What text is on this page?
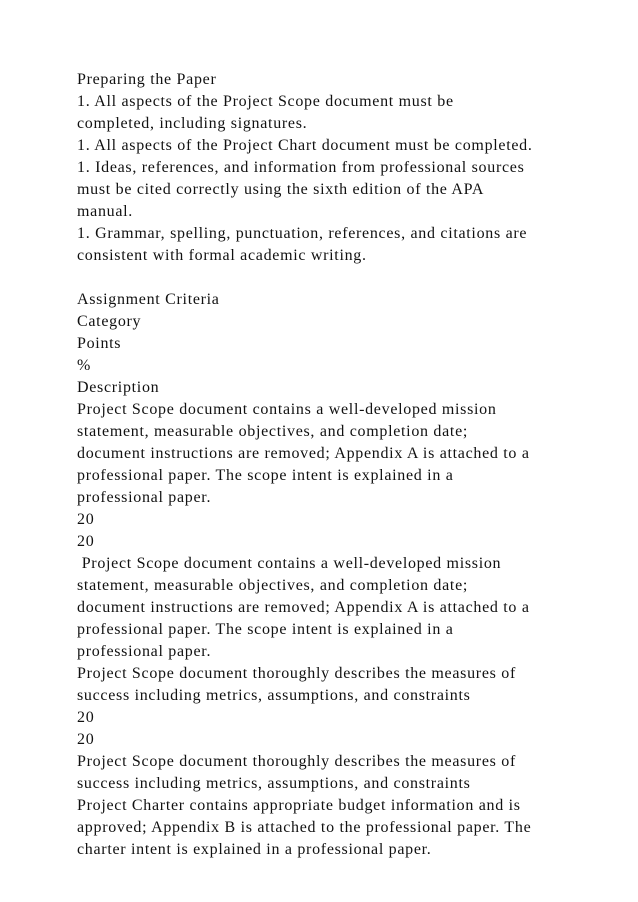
Preparing the Paper
1. All aspects of the Project Scope document must be
completed, including signatures.
1. All aspects of the Project Chart document must be completed.
1. Ideas, references, and information from professional sources
must be cited correctly using the sixth edition of the APA
manual.
1. Grammar, spelling, punctuation, references, and citations are
consistent with formal academic writing.
Assignment Criteria
Category
Points
%
Description
Project Scope document contains a well-developed mission
statement, measurable objectives, and completion date;
document instructions are removed; Appendix A is attached to a
professional paper. The scope intent is explained in a
professional paper.
20
20
Project Scope document contains a well-developed mission
statement, measurable objectives, and completion date;
document instructions are removed; Appendix A is attached to a
professional paper. The scope intent is explained in a
professional paper.
Project Scope document thoroughly describes the measures of
success including metrics, assumptions, and constraints
20
20
Project Scope document thoroughly describes the measures of
success including metrics, assumptions, and constraints
Project Charter contains appropriate budget information and is
approved; Appendix B is attached to the professional paper. The
charter intent is explained in a professional paper.
